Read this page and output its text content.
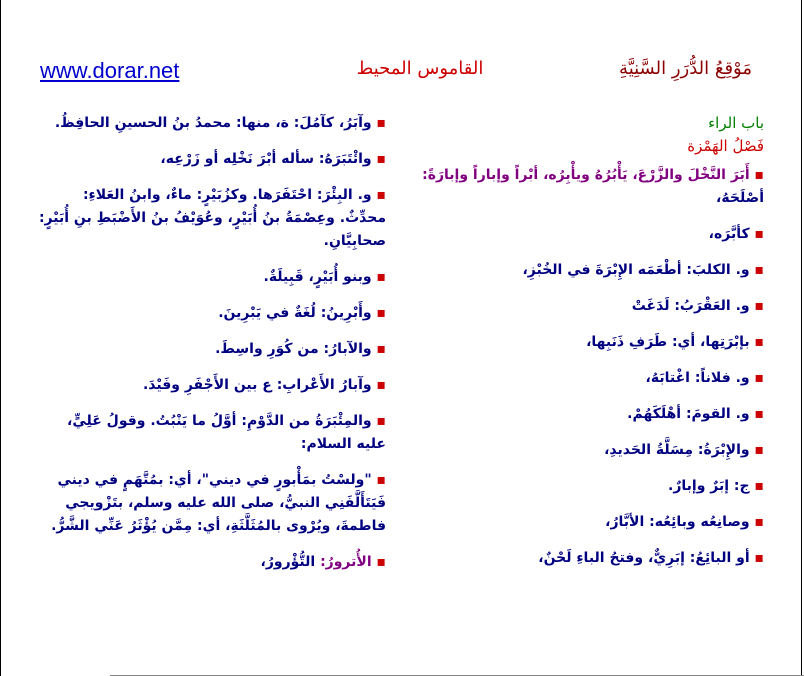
www.dorar.net	القاموس المحيط	مَوْقِعُ الدُّرَرِ السَّنِيَّةِ
باب الراء
فَصْلُ الهَمْزة
▪ أَبَرَ النَّخْلَ والزَّرْعَ، يَأْبُرُهُ ويأْبِرُه، أبْراً وإباراً وإبارَةً: أصْلَحَهُ،
▪ كأبَّرَه،
▪ و. الكلبَ: أطْعَمَه الإِبْرَةَ في الخُبْزِ،
▪ و. العَقْرَبُ: لَدَغَتْ
▪ بإبْرَتِها، أي: طَرَفِ ذَنَبِها،
▪ و. فلاناً: اغْتابَهُ،
▪ و. القومَ: أهْلَكَهُمْ.
▪ والإِبْرَةُ: مِسَلَّةُ الحَديدِ،
▪ ج: إبَرٌ وإبارٌ.
▪ وصانِعُه وبائِعُه: الأبَّارُ،
▪ أو البائِعُ: إبَرِيٌّ، وفتحُ الباءِ لَحْنٌ،
▪ وآبَرُ، كآمُلَ: ة، منها: محمدُ بنُ الحسينِ الحافِظُ.
▪ وائْتَبَرَهُ: سأله أبْرَ نَخْلِه أو زَرْعِه،
▪ و. البِئْرَ: احْتَفَرَها. وكزُبَيْرٍ: ماءٌ، وابنُ العَلاءِ: محدِّثٌ. وعِصْمَةُ بنُ أُبَيْرٍ، وعُوَيْفُ بنُ الأَضْبَطِ بنِ أُبَيْرٍ: صحابِيَّانِ.
▪ وبنو أُبَيْرٍ، قَبِيلَةٌ.
▪ وأَبْرِينُ: لُغَةٌ في يَبْرِينَ.
▪ والآبارُ: من كُوَرِ واسِطَ.
▪ وآبارُ الأَعْرابِ: ع بين الأَجْفَرِ وفَيْدَ.
▪ والمِئْبَرَةُ من الدَّوْمِ: أوَّلُ ما يَنْبُتُ. وقولُ عَلِيٍّ، عليه السلام:
▪ "ولسْتُ بمَأْبورٍ في ديني"، أي: بمُتَّهَمٍ في ديني فَيَتَأَلَّفَنِي النبيُّ، صلى الله عليه وسلم، بتَزْويجي فاطمةَ، ويُرْوى بالمُثَلَّثَةِ، أي: مِمَّن يُؤْثَرُ عَنِّي الشَّرُّ.
▪ الأُترورُ: التُّؤْرورُ،
